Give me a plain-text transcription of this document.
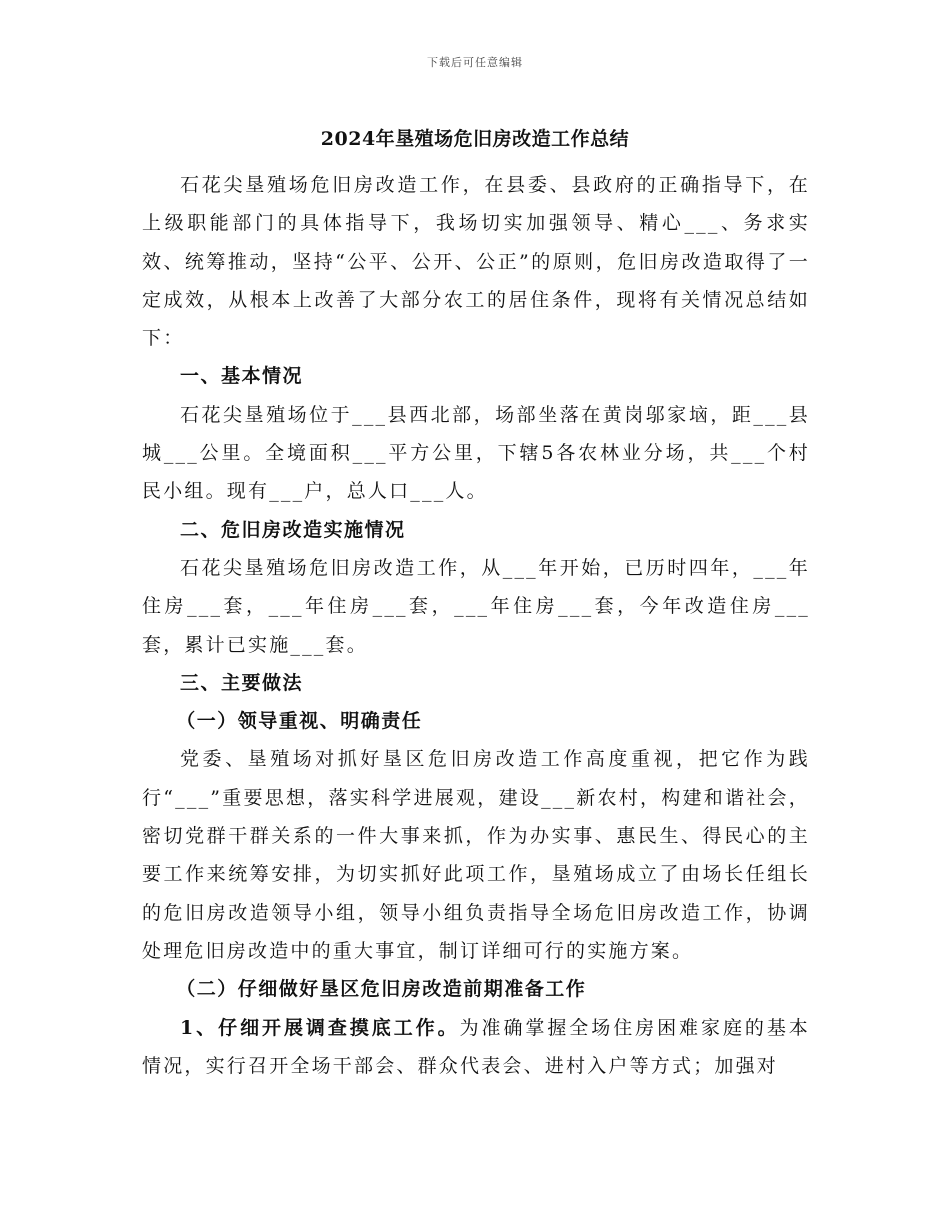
下载后可任意编辑
2024年垦殖场危旧房改造工作总结

石花尖垦殖场危旧房改造工作，在县委、县政府的正确指导下，在上级职能部门的具体指导下，我场切实加强领导、精心___、务求实效、统筹推动，坚持“公平、公开、公正”的原则，危旧房改造取得了一定成效，从根本上改善了大部分农工的居住条件，现将有关情况总结如下：

一、基本情况

石花尖垦殖场位于___县西北部，场部坐落在黄岗邬家垴，距___县城___公里。全境面积___平方公里，下辖5各农林业分场，共___个村民小组。现有___户，总人口___人。

二、危旧房改造实施情况

石花尖垦殖场危旧房改造工作，从___年开始，已历时四年，___年住房___套，___年住房___套，___年住房___套，今年改造住房___套，累计已实施___套。

三、主要做法

（一）领导重视、明确责任

党委、垦殖场对抓好垦区危旧房改造工作高度重视，把它作为践行“___”重要思想，落实科学进展观，建设___新农村，构建和谐社会，密切党群干群关系的一件大事来抓，作为办实事、惠民生、得民心的主要工作来统筹安排，为切实抓好此项工作，垦殖场成立了由场长任组长的危旧房改造领导小组，领导小组负责指导全场危旧房改造工作，协调处理危旧房改造中的重大事宜，制订详细可行的实施方案。

（二）仔细做好垦区危旧房改造前期准备工作

1、仔细开展调查摸底工作。为准确掌握全场住房困难家庭的基本情况，实行召开全场干部会、群众代表会、进村入户等方式；加强对
